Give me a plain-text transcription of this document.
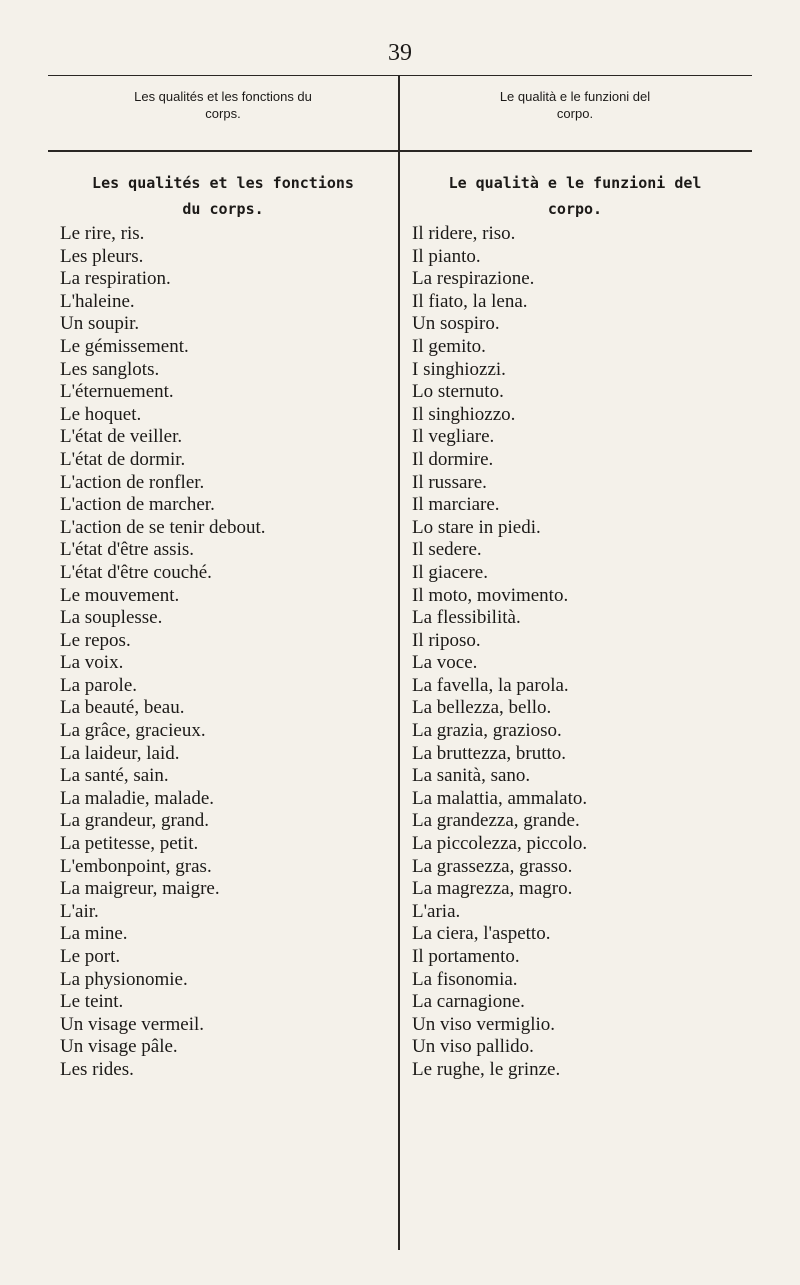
39
Les qualités et les fonctions du
corps.
Le qualità e le funzioni del
corpo.
Les qualités et les fonctions
du corps.
Le qualità e le funzioni del
corpo.
Le rire, ris.	Il ridere, riso.
Les pleurs.	Il pianto.
La respiration.	La respirazione.
L'haleine.	Il fiato, la lena.
Un soupir.	Un sospiro.
Le gémissement.	Il gemito.
Les sanglots.	I singhiozzi.
L'éternuement.	Lo sternuto.
Le hoquet.	Il singhiozzo.
L'état de veiller.	Il vegliare.
L'état de dormir.	Il dormire.
L'action de ronfler.	Il russare.
L'action de marcher.	Il marciare.
L'action de se tenir debout.	Lo stare in piedi.
L'état d'être assis.	Il sedere.
L'état d'être couché.	Il giacere.
Le mouvement.	Il moto, movimento.
La souplesse.	La flessibilità.
Le repos.	Il riposo.
La voix.	La voce.
La parole.	La favella, la parola.
La beauté, beau.	La bellezza, bello.
La grâce, gracieux.	La grazia, grazioso.
La laideur, laid.	La bruttezza, brutto.
La santé, sain.	La sanità, sano.
La maladie, malade.	La malattia, ammalato.
La grandeur, grand.	La grandezza, grande.
La petitesse, petit.	La piccolezza, piccolo.
L'embonpoint, gras.	La grassezza, grasso.
La maigreur, maigre.	La magrezza, magro.
L'air.	L'aria.
La mine.	La ciera, l'aspetto.
Le port.	Il portamento.
La physionomie.	La fisonomia.
Le teint.	La carnagione.
Un visage vermeil.	Un viso vermiglio.
Un visage pâle.	Un viso pallido.
Les rides.	Le rughe, le grinze.
